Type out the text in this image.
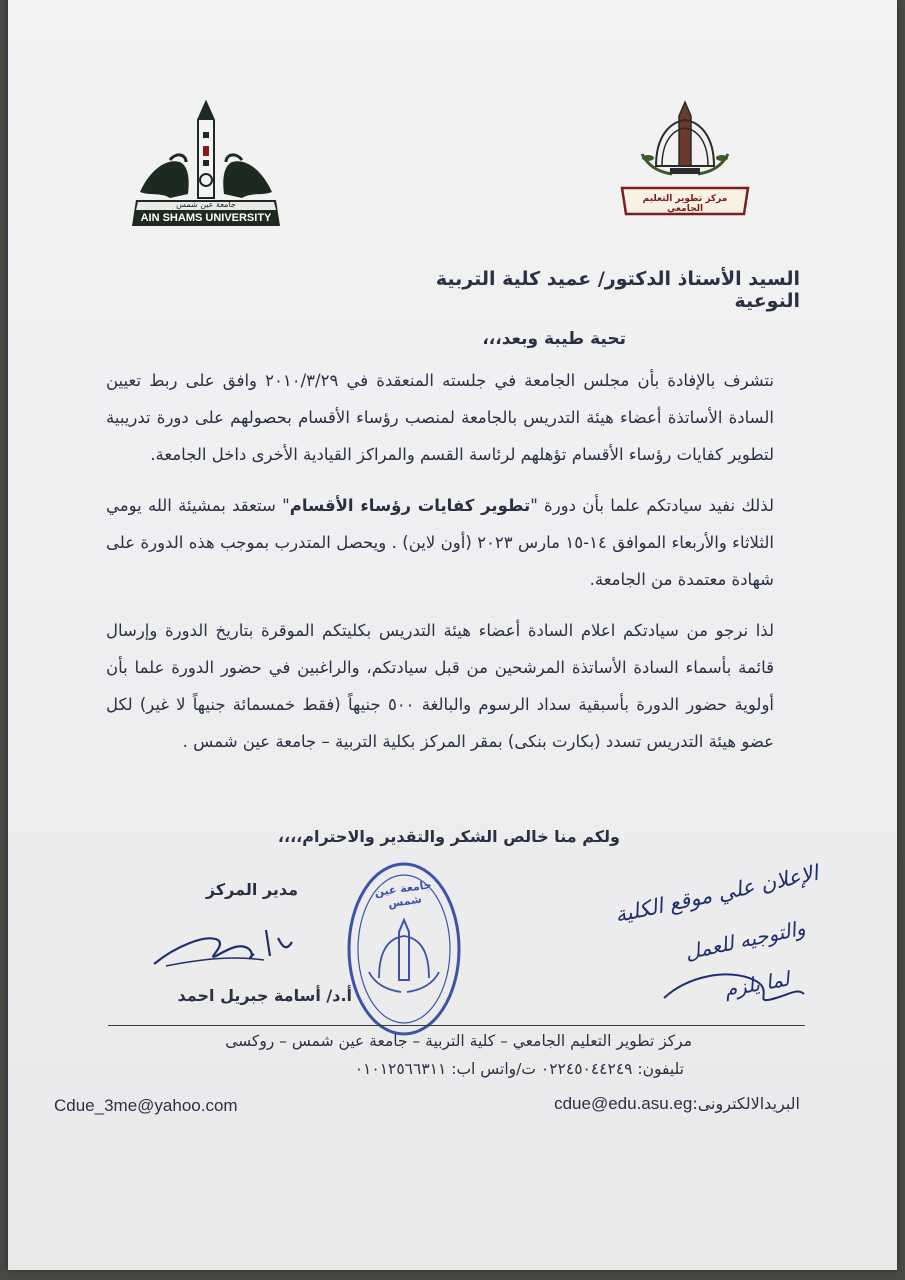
جامعة عين شمس
AIN SHAMS UNIVERSITY
مركز تطوير التعليم الجامعي
السيد الأستاذ الدكتور/ عميد كلية التربية النوعية
تحية طيبة وبعد،،،
نتشرف بالإفادة بأن مجلس الجامعة في جلسته المنعقدة في ٢٠١٠/٣/٢٩ وافق على ربط تعيين السادة الأساتذة أعضاء هيئة التدريس بالجامعة لمنصب رؤساء الأقسام بحصولهم على دورة تدريبية لتطوير كفايات رؤساء الأقسام تؤهلهم لرئاسة القسم والمراكز القيادية الأخرى داخل الجامعة.
لذلك نفيد سيادتكم علما بأن دورة "تطوير كفايات رؤساء الأقسام" ستعقد بمشيئة الله يومي الثلاثاء والأربعاء الموافق ١٤-١٥ مارس ٢٠٢٣ (أون لاين) . ويحصل المتدرب بموجب هذه الدورة على شهادة معتمدة من الجامعة.
لذا نرجو من سيادتكم اعلام السادة أعضاء هيئة التدريس بكليتكم الموقرة بتاريخ الدورة وإرسال قائمة بأسماء السادة الأساتذة المرشحين من قبل سيادتكم، والراغبين في حضور الدورة علما بأن أولوية حضور الدورة بأسبقية سداد الرسوم والبالغة ٥٠٠ جنيهاً (فقط خمسمائة جنيهاً لا غير) لكل عضو هيئة التدريس تسدد (بكارت بنكى) بمقر المركز بكلية التربية – جامعة عين شمس .
ولكم منا خالص الشكر والتقدير والاحترام،،،،
مدير المركز
أ.د/ أسامة جبريل احمد
جامعة عين شمس	الإعلان علي موقع الكلية
والتوجيه للعمل
لما يلزم
مركز تطوير التعليم الجامعي – كلية التربية – جامعة عين شمس – روكسى
تليفون: ٠٢٢٤٥٠٤٤٢٤٩ ت/واتس اب: ٠١٠١٢٥٦٦٣١١
Cdue_3me@yahoo.com	البريدالالكترونى:cdue@edu.asu.eg
